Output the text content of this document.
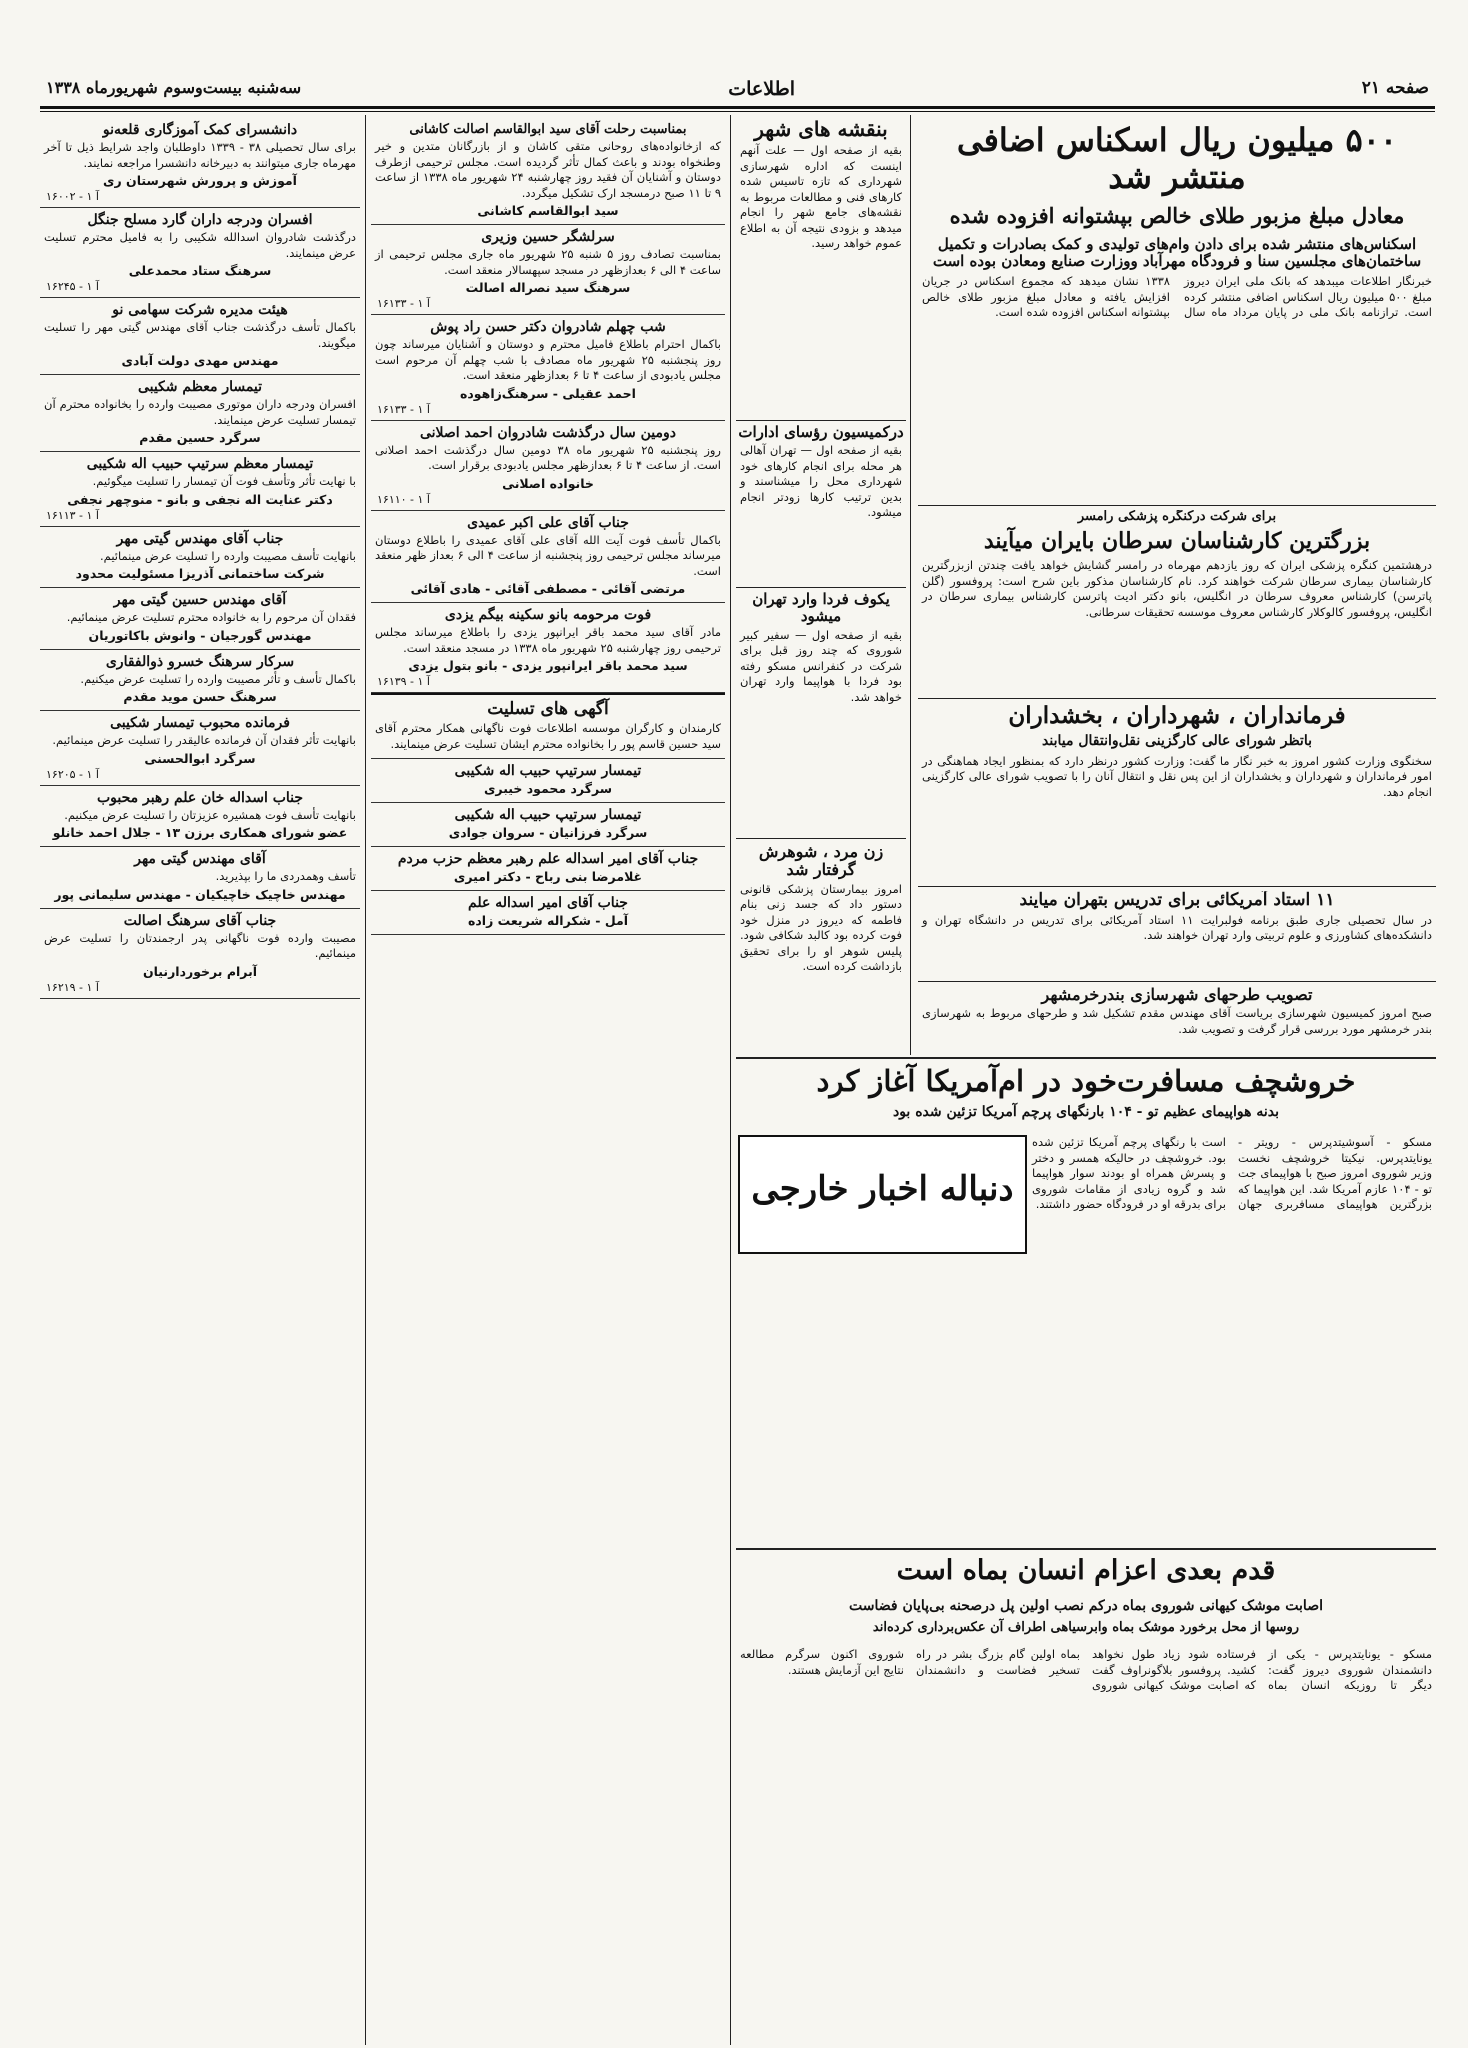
صفحه ۲۱
اطلاعات
سه‌شنبه بیست‌وسوم شهریورماه ۱۳۳۸
۵۰۰ میلیون ریال اسکناس اضافی منتشر شد
معادل مبلغ مزبور طلای خالص بپشتوانه افزوده شده
اسکناس‌های منتشر شده برای دادن وام‌های تولیدی و کمک بصادرات و تکمیل ساختمان‌های مجلسین سنا و فرودگاه مهرآباد ووزارت صنایع ومعادن بوده است

خبرنگار اطلاعات میبدهد که بانک ملی ایران دیروز مبلغ ۵۰۰ میلیون ریال اسکناس اضافی منتشر کرده است. ترازنامه بانک ملی در پایان مرداد ماه سال ۱۳۳۸ نشان میدهد که مجموع اسکناس در جریان افزایش یافته و معادل مبلغ مزبور طلای خالص بپشتوانه اسکناس افزوده شده است.

برای شرکت درکنگره پزشکی رامسر
بزرگترین کارشناسان سرطان بایران میآیند

درهشتمین کنگره پزشکی ایران که روز یازدهم مهرماه در رامسر گشایش خواهد یافت چندتن ازبزرگترین کارشناسان بیماری سرطان شرکت خواهند کرد. نام کارشناسان مذکور باین شرح است: پروفسور (گلن پاترسن) کارشناس معروف سرطان در انگلیس، بانو دکتر ادیت پاترسن کارشناس بیماری سرطان در انگلیس، پروفسور کالوکلار کارشناس معروف موسسه تحقیقات سرطانی.

فرمانداران ، شهرداران ، بخشداران
باتظر شورای عالی کارگزینی نقل‌وانتقال میابند

سخنگوی وزارت کشور امروز به خبر نگار ما گفت: وزارت کشور درنظر دارد که بمنظور ایجاد هماهنگی در امور فرمانداران و شهرداران و بخشداران از این پس نقل و انتقال آنان را با تصویب شورای عالی کارگزینی انجام دهد.

۱۱ استاد آمریکائی برای تدریس بتهران میایند

در سال تحصیلی جاری طبق برنامه فولبرایت ۱۱ استاد آمریکائی برای تدریس در دانشگاه تهران و دانشکده‌های کشاورزی و علوم تربیتی وارد تهران خواهند شد.

تصویب طرحهای شهرسازی بندرخرمشهر

صبح امروز کمیسیون شهرسازی بریاست آقای مهندس مقدم تشکیل شد و طرحهای مربوط به شهرسازی بندر خرمشهر مورد بررسی قرار گرفت و تصویب شد.

بنقشه های شهر

بقیه از صفحه اول — علت آنهم اینست که اداره شهرسازی شهرداری که تازه تاسیس شده کارهای فنی و مطالعات مربوط به نقشه‌های جامع شهر را انجام میدهد و بزودی نتیجه آن به اطلاع عموم خواهد رسید.

درکمیسیون رؤسای ادارات

بقیه از صفحه اول — تهران آهالی هر محله برای انجام کارهای خود شهرداری محل را میشناسند و بدین ترتیب کارها زودتر انجام میشود.

یکوف فردا وارد تهران میشود

بقیه از صفحه اول — سفیر کبیر شوروی که چند روز قبل برای شرکت در کنفرانس مسکو رفته بود فردا با هواپیما وارد تهران خواهد شد.

زن مرد ، شوهرش گرفتار شد

امروز بیمارستان پزشکی قانونی دستور داد که جسد زنی بنام فاطمه که دیروز در منزل خود فوت کرده بود کالبد شکافی شود. پلیس شوهر او را برای تحقیق بازداشت کرده است.

خروشچف مسافرت‌خود در ام‌آمریکا آغاز کرد
بدنه هواپیمای عظیم تو - ۱۰۴ بارنگهای پرچم آمریکا تزئین شده بود
دنباله اخبار خارجی

مسکو - آسوشیتدپرس - رویتر - یونایتدپرس. نیکیتا خروشچف نخست وزیر شوروی امروز صبح با هواپیمای جت تو - ۱۰۴ عازم آمریکا شد. این هواپیما که بزرگترین هواپیمای مسافربری جهان است با رنگهای پرچم آمریکا تزئین شده بود. خروشچف در حالیکه همسر و دختر و پسرش همراه او بودند سوار هواپیما شد و گروه زیادی از مقامات شوروی برای بدرقه او در فرودگاه حضور داشتند.

قدم بعدی اعزام انسان بماه است
اصابت موشک کیهانی شوروی بماه درکم نصب اولین پل درصحنه بی‌پایان فضاست
روسها از محل برخورد موشک بماه وابرسیاهی اطراف آن عکس‌برداری کرده‌اند

مسکو - یونایتدپرس - یکی از دانشمندان شوروی دیروز گفت: دیگر تا روزیکه انسان بماه فرستاده شود زیاد طول نخواهد کشید. پروفسور بلاگونراوف گفت که اصابت موشک کیهانی شوروی بماه اولین گام بزرگ بشر در راه تسخیر فضاست و دانشمندان شوروی اکنون سرگرم مطالعه نتایج این آزمایش هستند.

بمناسبت رحلت آقای سید ابوالقاسم اصالت کاشانی

که ازخانواده‌های روحانی متقی کاشان و از بازرگانان متدین و خیر وطنخواه بودند و باعث کمال تأثر گردیده است. مجلس ترحیمی ازطرف دوستان و آشنایان آن فقید روز چهارشنبه ۲۴ شهریور ماه ۱۳۳۸ از ساعت ۹ تا ۱۱ صبح درمسجد ارک تشکیل میگردد.

سید ابوالقاسم کاشانی
سرلشگر حسین وزیری

بمناسبت تصادف روز ۵ شنبه ۲۵ شهریور ماه جاری مجلس ترحیمی از ساعت ۴ الی ۶ بعدازظهر در مسجد سپهسالار منعقد است.

سرهنگ سید نصراله اصالت
۱۶۱۳۳ - ۱ آ
شب چهلم شادروان دکتر حسن راد پوش

باکمال احترام باطلاع فامیل محترم و دوستان و آشنایان میرساند چون روز پنجشنبه ۲۵ شهریور ماه مصادف با شب چهلم آن مرحوم است مجلس یادبودی از ساعت ۴ تا ۶ بعدازظهر منعقد است.

احمد عقیلی - سرهنگ‌زاهوده
۱۶۱۳۳ - ۱ آ
دومین سال درگذشت شادروان احمد اصلانی

روز پنجشنبه ۲۵ شهریور ماه ۳۸ دومین سال درگذشت احمد اصلانی است. از ساعت ۴ تا ۶ بعدازظهر مجلس یادبودی برقرار است.

خانواده اصلانی
۱۶۱۱۰ - ۱ آ
جناب آقای علی اکبر عمیدی

باکمال تأسف فوت آیت الله آقای علی آقای عمیدی را باطلاع دوستان میرساند مجلس ترحیمی روز پنجشنبه از ساعت ۴ الی ۶ بعداز ظهر منعقد است.

مرتضی آقائی - مصطفی آقائی - هادی آقائی
فوت مرحومه بانو سکینه بیگم یزدی

مادر آقای سید محمد باقر ایرانپور یزدی را باطلاع میرساند مجلس ترحیمی روز چهارشنبه ۲۵ شهریور ماه ۱۳۳۸ در مسجد منعقد است.

سید محمد باقر ایرانپور یزدی - بانو بتول یزدی
۱۶۱۳۹ - ۱ آ
آگهی های تسلیت

کارمندان و کارگران موسسه اطلاعات فوت ناگهانی همکار محترم آقای سید حسین قاسم پور را بخانواده محترم ایشان تسلیت عرض مینمایند.

تیمسار سرتیپ حبیب اله شکیبی
سرگرد محمود خیبری
تیمسار سرتیپ حبیب اله شکیبی
سرگرد فرزانیان - سروان جوادی
جناب آقای امیر اسداله علم رهبر معظم حزب مردم
غلامرضا بنی رباح - دکتر امیری
جناب آقای امیر اسداله علم
آمل - شکراله شریعت زاده
دانشسرای کمک آموزگاری قلعه‌نو

برای سال تحصیلی ۳۸ - ۱۳۳۹ داوطلبان واجد شرایط ذیل تا آخر مهرماه جاری میتوانند به دبیرخانه دانشسرا مراجعه نمایند.

آموزش و پرورش شهرستان ری
۱۶۰۰۲ - ۱ آ
افسران ودرجه داران گارد مسلح جنگل

درگذشت شادروان اسدالله شکیبی را به فامیل محترم تسلیت عرض مینمایند.

سرهنگ ستاد محمدعلی
۱۶۲۴۵ - ۱ آ
هیئت مدیره شرکت سهامی نو

باکمال تأسف درگذشت جناب آقای مهندس گیتی مهر را تسلیت میگویند.

مهندس مهدی دولت آبادی
تیمسار معظم شکیبی

افسران ودرجه داران موتوری مصیبت وارده را بخانواده محترم آن تیمسار تسلیت عرض مینمایند.

سرگرد حسین مقدم
تیمسار معظم سرتیپ حبیب اله شکیبی

با نهایت تأثر وتأسف فوت آن تیمسار را تسلیت میگوئیم.

دکتر عنایت اله نجفی و بانو - منوچهر نجفی
۱۶۱۱۳ - ۱ آ
جناب آقای مهندس گیتی مهر

بانهایت تأسف مصیبت وارده را تسلیت عرض مینمائیم.

شرکت ساختمانی آذریزا مسئولیت محدود
آقای مهندس حسین گیتی مهر

فقدان آن مرحوم را به خانواده محترم تسلیت عرض مینمائیم.

مهندس گورجیان - وانوش باکاتوریان
سرکار سرهنگ خسرو ذوالفقاری

باکمال تأسف و تأثر مصیبت وارده را تسلیت عرض میکنیم.

سرهنگ حسن موید مقدم
فرمانده محبوب تیمسار شکیبی

بانهایت تأثر فقدان آن فرمانده عالیقدر را تسلیت عرض مینمائیم.

سرگرد ابوالحسنی
۱۶۲۰۵ - ۱ آ
جناب اسداله خان علم رهبر محبوب

بانهایت تأسف فوت همشیره عزیزتان را تسلیت عرض میکنیم.

عضو شورای همکاری برزن ۱۳ - جلال احمد خانلو
آقای مهندس گیتی مهر

تأسف وهمدردی ما را بپذیرید.

مهندس خاچیک خاچیکیان - مهندس سلیمانی پور
جناب آقای سرهنگ اصالت

مصیبت وارده فوت ناگهانی پدر ارجمندتان را تسلیت عرض مینمائیم.

آبرام برخوردارنیان
۱۶۲۱۹ - ۱ آ
